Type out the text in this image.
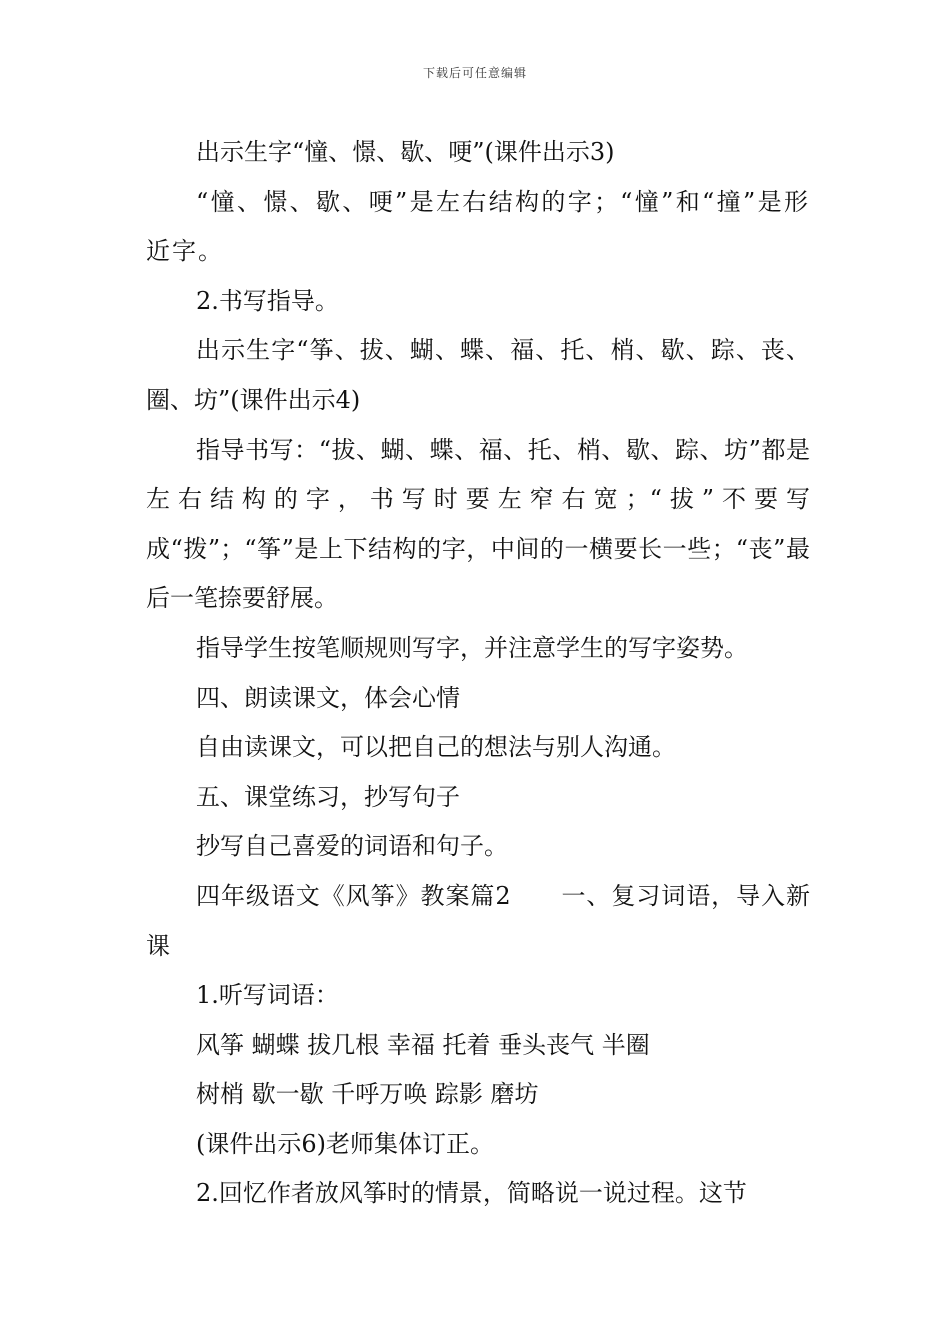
下载后可任意编辑

出示生字“憧、憬、歇、哽”(课件出示3)

“憧、憬、歇、哽”是左右结构的字；“憧”和“撞”是形近字。

2.书写指导。

出示生字“筝、拔、蝴、蝶、福、托、梢、歇、踪、丧、圈、坊”(课件出示4)

指导书写：“拔、蝴、蝶、福、托、梢、歇、踪、坊”都是左右结构的字，书写时要左窄右宽；“拔”不要写成“拨”；“筝”是上下结构的字，中间的一横要长一些；“丧”最后一笔捺要舒展。

指导学生按笔顺规则写字，并注意学生的写字姿势。

四、朗读课文，体会心情

自由读课文，可以把自己的想法与别人沟通。

五、课堂练习，抄写句子

抄写自己喜爱的词语和句子。

四年级语文《风筝》教案篇2　　一、复习词语，导入新课

1.听写词语：

风筝 蝴蝶 拔几根 幸福 托着 垂头丧气 半圈

树梢 歇一歇 千呼万唤 踪影 磨坊

(课件出示6)老师集体订正。

2.回忆作者放风筝时的情景，简略说一说过程。这节
